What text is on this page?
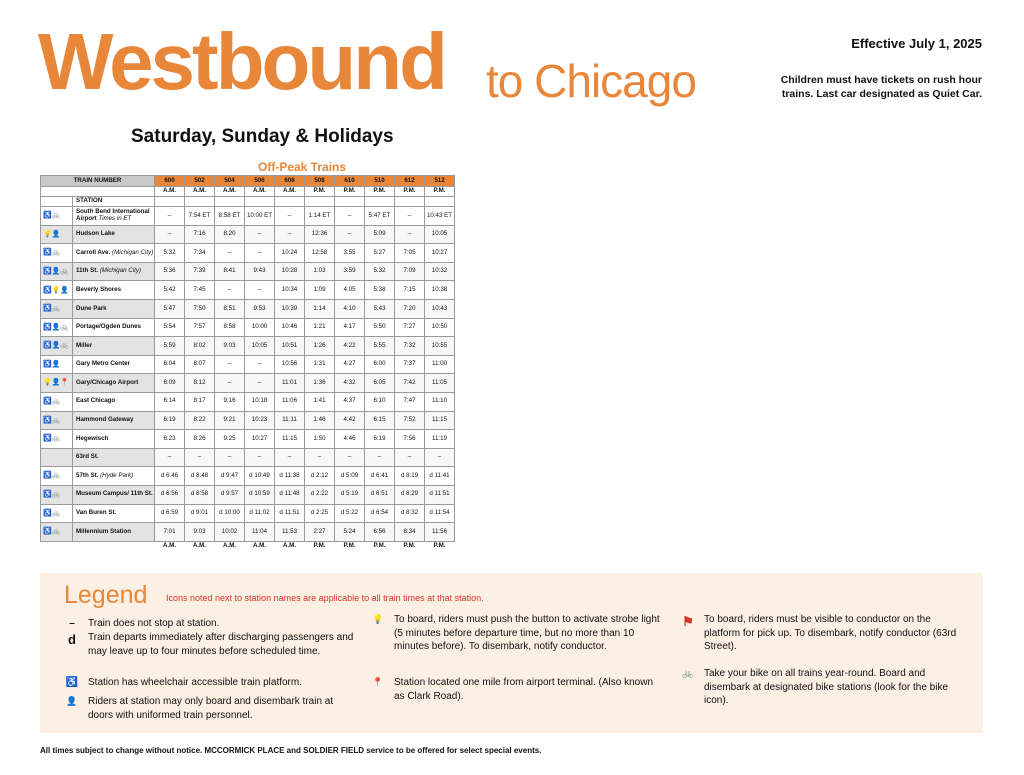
Westbound to Chicago
Effective July 1, 2025
Children must have tickets on rush hour trains. Last car designated as Quiet Car.
Saturday, Sunday & Holidays
Off-Peak Trains
TRAIN NUMBER		600	502	504	506	608	508	610	510	612	512
		A.M.	A.M.	A.M.	A.M.	A.M.	P.M.	P.M.	P.M.	P.M.	P.M.
	STATION										
♿🚲	South Bend International Airport Times in ET	–	7:54 ET	8:58 ET	10:00 ET	–	1:14 ET	–	5:47 ET	–	10:43 ET
💡👤	Hudson Lake	–	7:16	8:20	–	–	12:36	–	5:09	–	10:05
♿🚲	Carroll Ave. (Michigan City)	5:32	7:34	–	–	10:24	12:58	3:55	5:27	7:05	10:27
♿👤🚲	11th St. (Michigan City)	5:36	7:39	8:41	9:43	10:28	1:03	3:59	5:32	7:09	10:32
♿💡👤	Beverly Shores	5:42	7:45	–	–	10:34	1:09	4:05	5:38	7:15	10:38
♿🚲	Dune Park	5:47	7:50	8:51	9:53	10:39	1:14	4:10	5:43	7:20	10:43
♿👤🚲	Portage/Ogden Dunes	5:54	7:57	8:58	10:00	10:46	1:21	4:17	5:50	7:27	10:50
♿👤🚲	Miller	5:59	8:02	9:03	10:05	10:51	1:26	4:22	5:55	7:32	10:55
♿👤	Gary Metro Center	6:04	8:07	–	–	10:56	1:31	4:27	6:00	7:37	11:00
💡👤📍	Gary/Chicago Airport	6:09	8:12	–	–	11:01	1:36	4:32	6:05	7:42	11:05
♿🚲	East Chicago	6:14	8:17	9:16	10:18	11:06	1:41	4:37	6:10	7:47	11:10
♿🚲	Hammond Gateway	6:19	8:22	9:21	10:23	11:11	1:46	4:42	6:15	7:52	11:15
♿🚲	Hegewisch	6:23	8:26	9:25	10:27	11:15	1:50	4:46	6:19	7:56	11:19
	63rd St.	–	–	–	–	–	–	–	–	–	–
♿🚲	57th St. (Hyde Park)	d 6:46	d 8:48	d 9:47	d 10:49	d 11:38	d 2:12	d 5:09	d 6:41	d 8:19	d 11:41
♿🚲	Museum Campus/ 11th St.	d 6:56	d 8:58	d 9:57	d 10:59	d 11:48	d 2:22	d 5:19	d 6:51	d 8:29	d 11:51
♿🚲	Van Buren St.	d 6:59	d 9:01	d 10:00	d 11:02	d 11:51	d 2:25	d 5:22	d 6:54	d 8:32	d 11:54
♿🚲	Millennium Station	7:01	9:03	10:02	11:04	11:53	2:27	5:24	6:56	8:34	11:56
		A.M.	A.M.	A.M.	A.M.	A.M.	P.M.	P.M.	P.M.	P.M.	P.M.
Legend Icons noted next to station names are applicable to all train times at that station.
–	Train does not stop at station.
d	Train departs immediately after discharging passengers and may leave up to four minutes before scheduled time.
♿ Station has wheelchair accessible train platform.
👤	Riders at station may only board and disembark train at doors with uniformed train personnel.
💡	To board, riders must push the button to activate strobe light (5 minutes before departure time, but no more than 10 minutes before). To disembark, notify conductor.
📍	Station located one mile from airport terminal. (Also known as Clark Road).
⚑	To board, riders must be visible to conductor on the platform for pick up. To disembark, notify conductor (63rd Street).
🚲	Take your bike on all trains year-round. Board and disembark at designated bike stations (look for the bike icon).
All times subject to change without notice. MCCORMICK PLACE and SOLDIER FIELD service to be offered for select special events.
